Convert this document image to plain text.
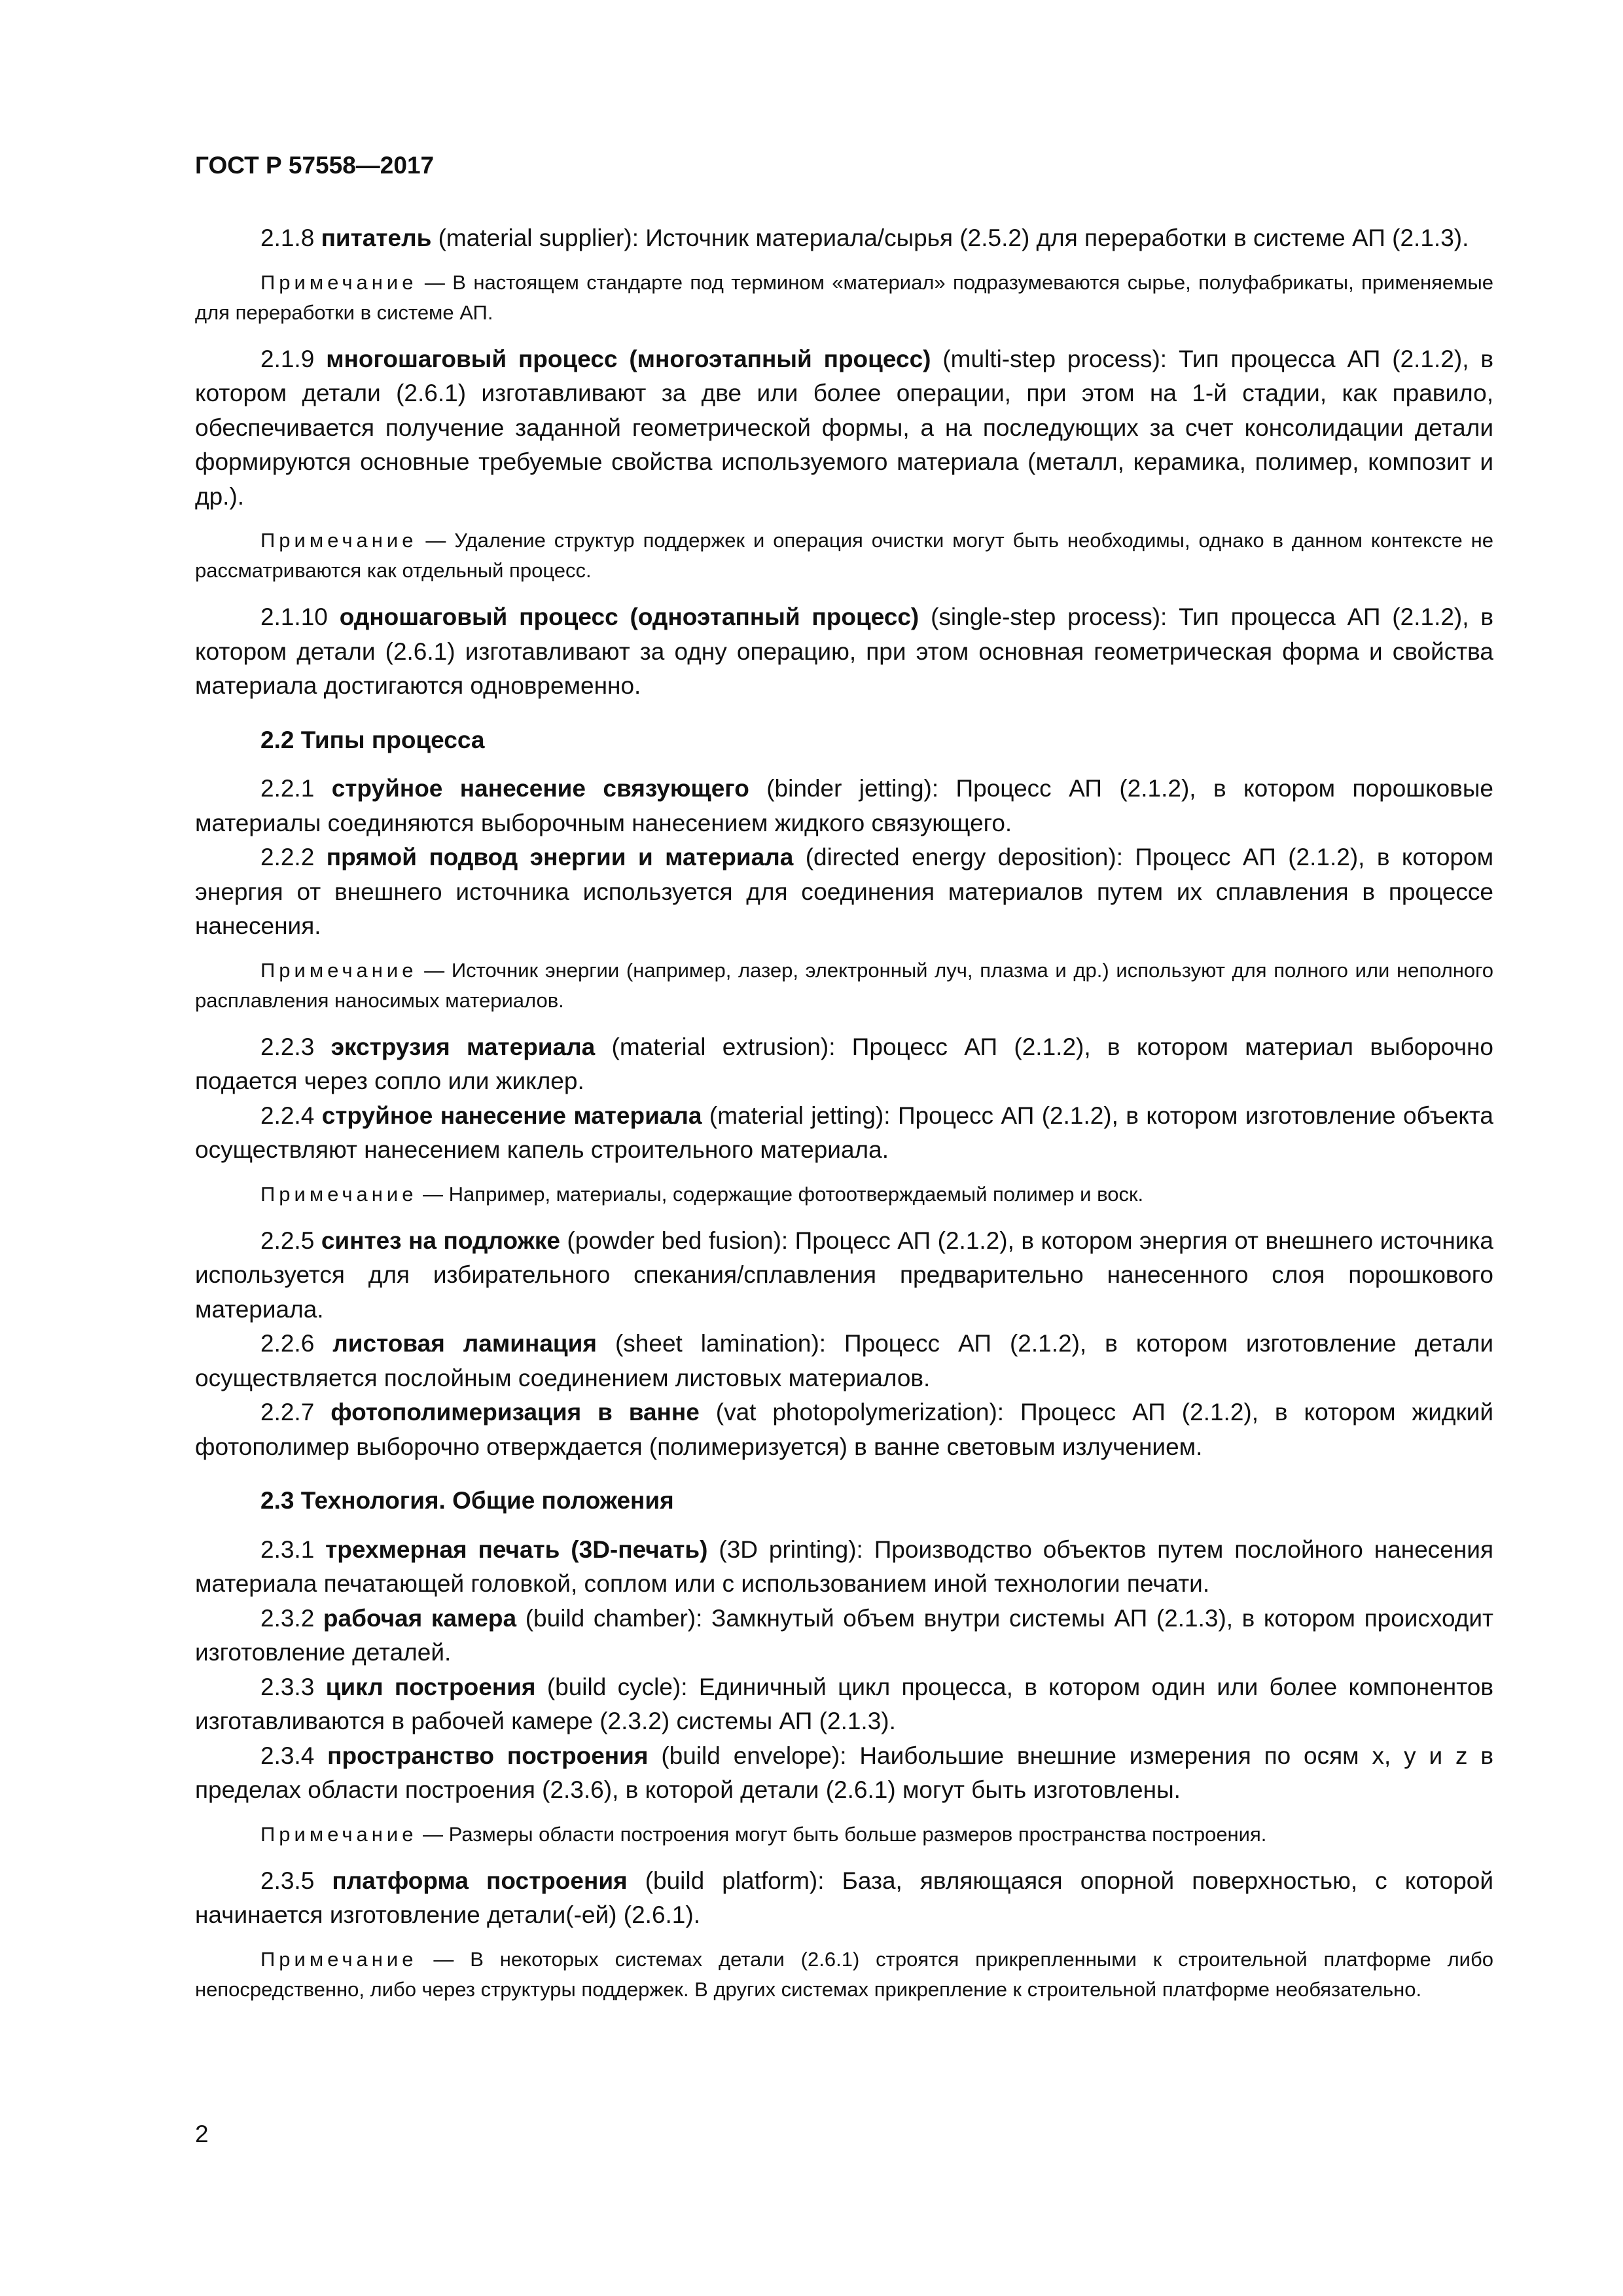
ГОСТ Р 57558—2017
2.1.8 питатель (material supplier): Источник материала/сырья (2.5.2) для переработки в системе АП (2.1.3).
Примечание — В настоящем стандарте под термином «материал» подразумеваются сырье, полуфабрикаты, применяемые для переработки в системе АП.
2.1.9 многошаговый процесс (многоэтапный процесс) (multi-step process): Тип процесса АП (2.1.2), в котором детали (2.6.1) изготавливают за две или более операции, при этом на 1-й стадии, как правило, обеспечивается получение заданной геометрической формы, а на последующих за счет консолидации детали формируются основные требуемые свойства используемого материала (металл, керамика, полимер, композит и др.).
Примечание — Удаление структур поддержек и операция очистки могут быть необходимы, однако в данном контексте не рассматриваются как отдельный процесс.
2.1.10 одношаговый процесс (одноэтапный процесс) (single-step process): Тип процесса АП (2.1.2), в котором детали (2.6.1) изготавливают за одну операцию, при этом основная геометрическая форма и свойства материала достигаются одновременно.
2.2 Типы процесса
2.2.1 струйное нанесение связующего (binder jetting): Процесс АП (2.1.2), в котором порошковые материалы соединяются выборочным нанесением жидкого связующего.
2.2.2 прямой подвод энергии и материала (directed energy deposition): Процесс АП (2.1.2), в котором энергия от внешнего источника используется для соединения материалов путем их сплавления в процессе нанесения.
Примечание — Источник энергии (например, лазер, электронный луч, плазма и др.) используют для полного или неполного расплавления наносимых материалов.
2.2.3 экструзия материала (material extrusion): Процесс АП (2.1.2), в котором материал выборочно подается через сопло или жиклер.
2.2.4 струйное нанесение материала (material jetting): Процесс АП (2.1.2), в котором изготовление объекта осуществляют нанесением капель строительного материала.
Примечание — Например, материалы, содержащие фотоотверждаемый полимер и воск.
2.2.5 синтез на подложке (powder bed fusion): Процесс АП (2.1.2), в котором энергия от внешнего источника используется для избирательного спекания/сплавления предварительно нанесенного слоя порошкового материала.
2.2.6 листовая ламинация (sheet lamination): Процесс АП (2.1.2), в котором изготовление детали осуществляется послойным соединением листовых материалов.
2.2.7 фотополимеризация в ванне (vat photopolymerization): Процесс АП (2.1.2), в котором жидкий фотополимер выборочно отверждается (полимеризуется) в ванне световым излучением.
2.3 Технология. Общие положения
2.3.1 трехмерная печать (3D-печать) (3D printing): Производство объектов путем послойного нанесения материала печатающей головкой, соплом или с использованием иной технологии печати.
2.3.2 рабочая камера (build chamber): Замкнутый объем внутри системы АП (2.1.3), в котором происходит изготовление деталей.
2.3.3 цикл построения (build cycle): Единичный цикл процесса, в котором один или более компонентов изготавливаются в рабочей камере (2.3.2) системы АП (2.1.3).
2.3.4 пространство построения (build envelope): Наибольшие внешние измерения по осям x, y и z в пределах области построения (2.3.6), в которой детали (2.6.1) могут быть изготовлены.
Примечание — Размеры области построения могут быть больше размеров пространства построения.
2.3.5 платформа построения (build platform): База, являющаяся опорной поверхностью, с которой начинается изготовление детали(-ей) (2.6.1).
Примечание — В некоторых системах детали (2.6.1) строятся прикрепленными к строительной платформе либо непосредственно, либо через структуры поддержек. В других системах прикрепление к строительной платформе необязательно.
2
